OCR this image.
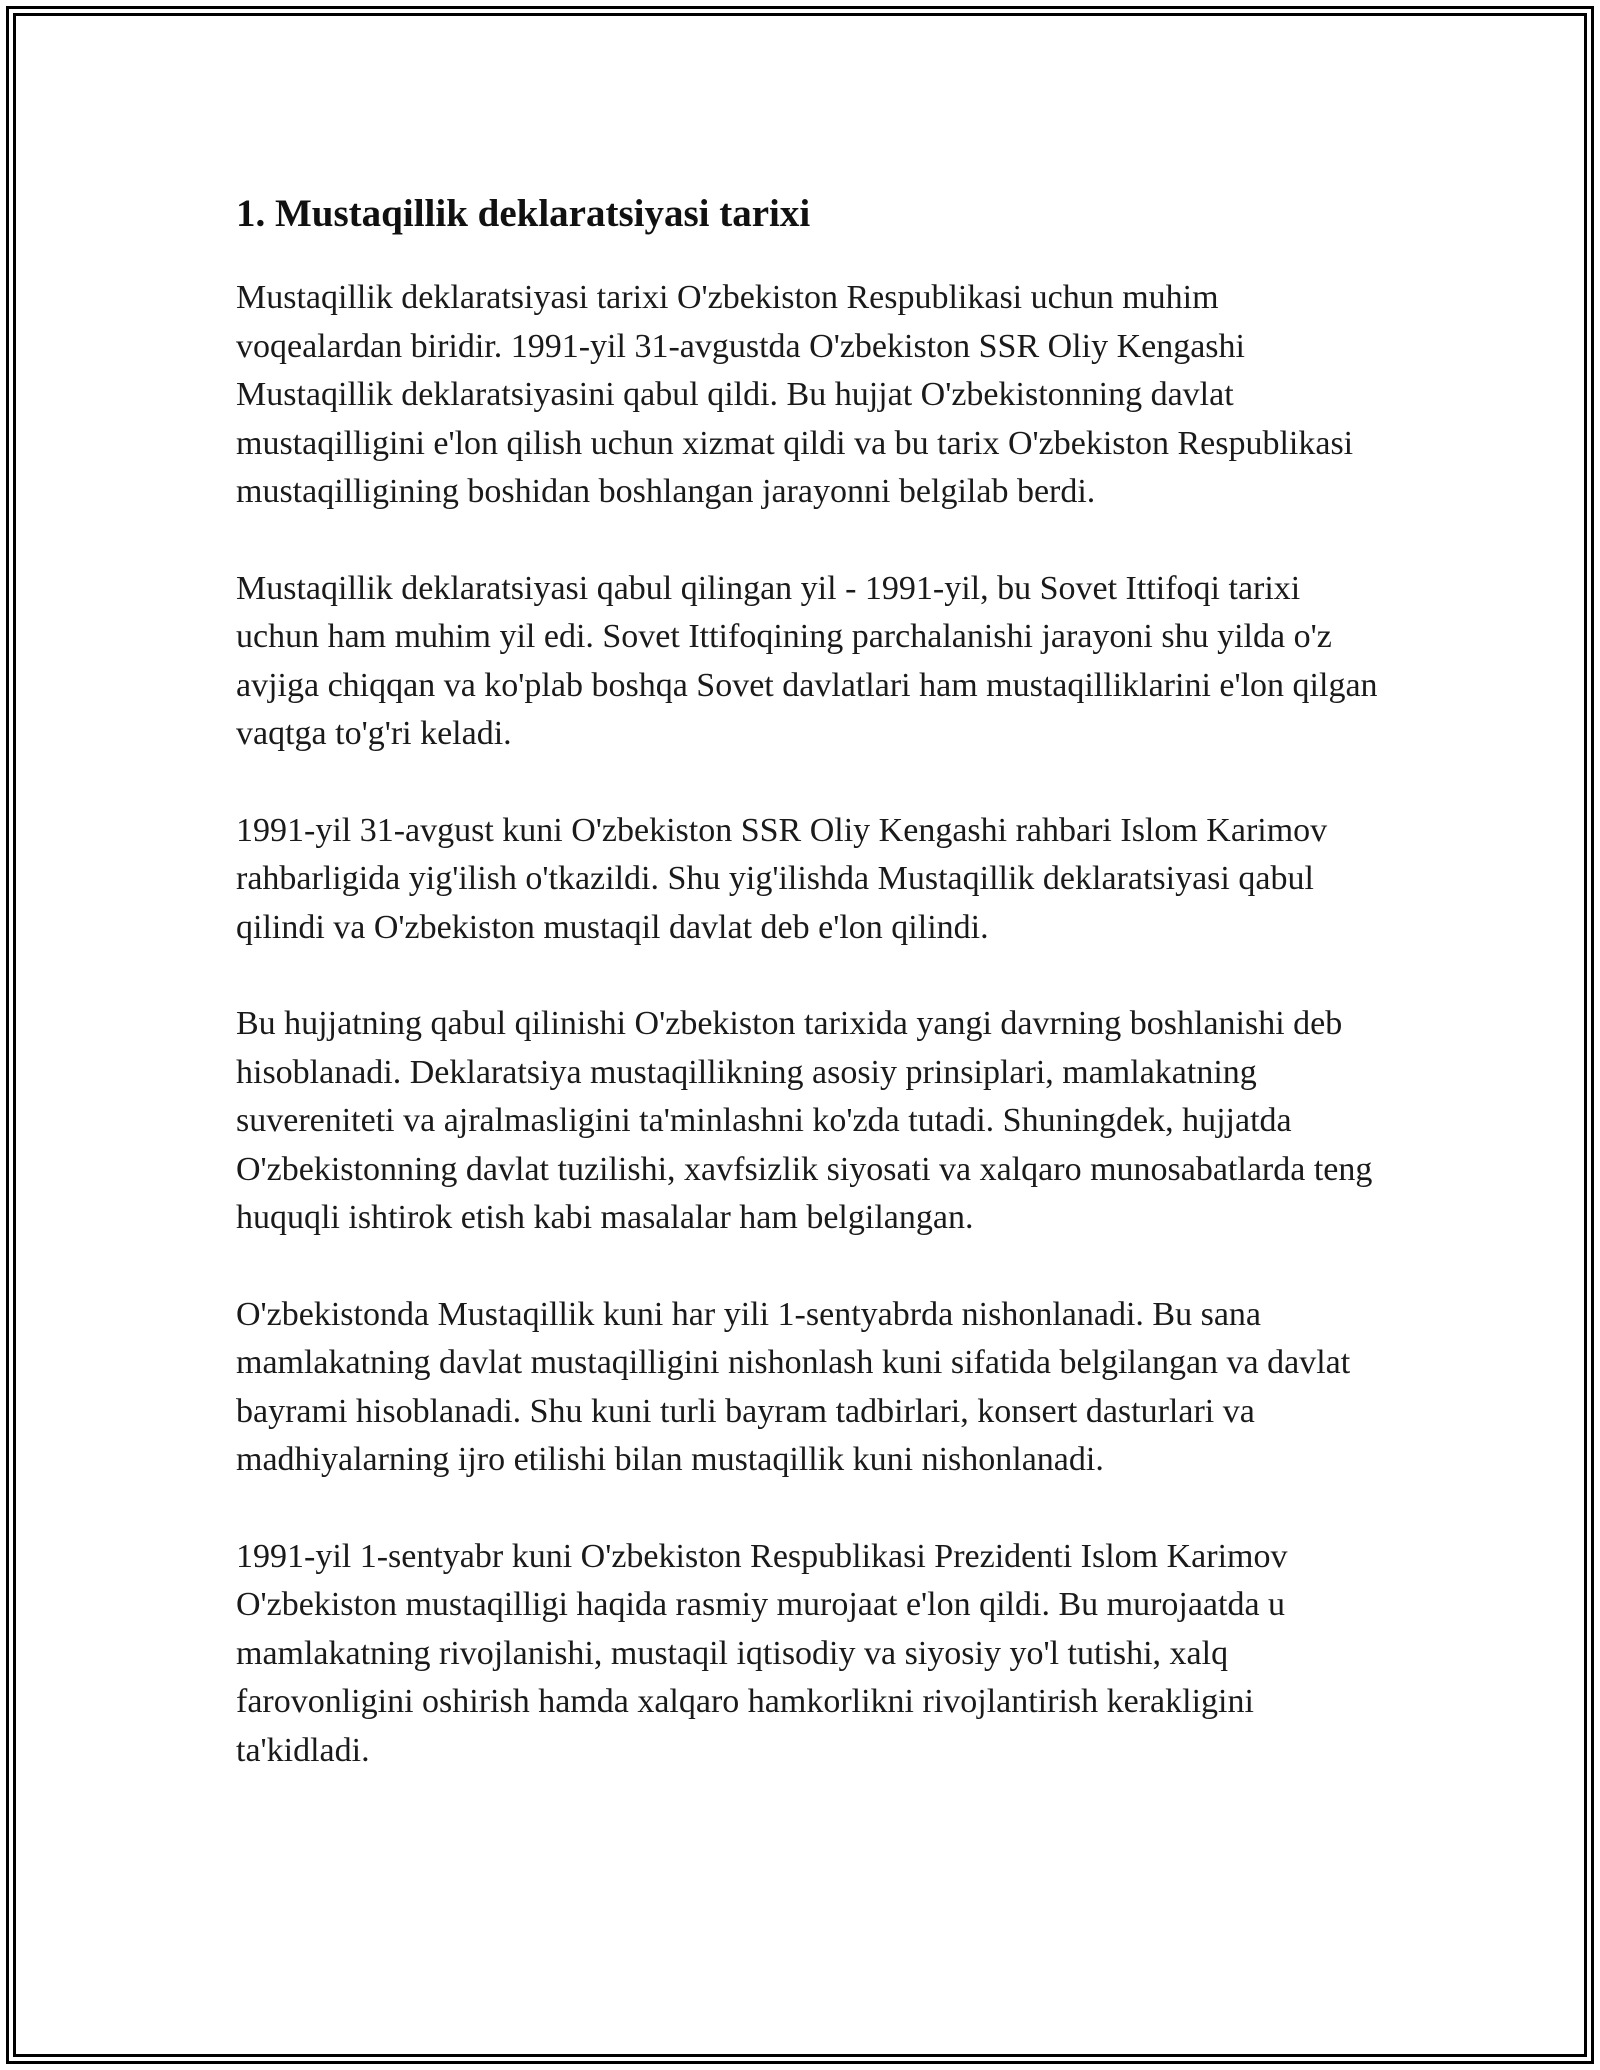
1. Mustaqillik deklaratsiyasi tarixi

Mustaqillik deklaratsiyasi tarixi O'zbekiston Respublikasi uchun muhim voqealardan biridir. 1991-yil 31-avgustda O'zbekiston SSR Oliy Kengashi Mustaqillik deklaratsiyasini qabul qildi. Bu hujjat O'zbekistonning davlat mustaqilligini e'lon qilish uchun xizmat qildi va bu tarix O'zbekiston Respublikasi mustaqilligining boshidan boshlangan jarayonni belgilab berdi.

Mustaqillik deklaratsiyasi qabul qilingan yil - 1991-yil, bu Sovet Ittifoqi tarixi uchun ham muhim yil edi. Sovet Ittifoqining parchalanishi jarayoni shu yilda o'z avjiga chiqqan va ko'plab boshqa Sovet davlatlari ham mustaqilliklarini e'lon qilgan vaqtga to'g'ri keladi.

1991-yil 31-avgust kuni O'zbekiston SSR Oliy Kengashi rahbari Islom Karimov rahbarligida yig'ilish o'tkazildi. Shu yig'ilishda Mustaqillik deklaratsiyasi qabul qilindi va O'zbekiston mustaqil davlat deb e'lon qilindi.

Bu hujjatning qabul qilinishi O'zbekiston tarixida yangi davrning boshlanishi deb hisoblanadi. Deklaratsiya mustaqillikning asosiy prinsiplari, mamlakatning suvereniteti va ajralmasligini ta'minlashni ko'zda tutadi. Shuningdek, hujjatda O'zbekistonning davlat tuzilishi, xavfsizlik siyosati va xalqaro munosabatlarda teng huquqli ishtirok etish kabi masalalar ham belgilangan.

O'zbekistonda Mustaqillik kuni har yili 1-sentyabrda nishonlanadi. Bu sana mamlakatning davlat mustaqilligini nishonlash kuni sifatida belgilangan va davlat bayrami hisoblanadi. Shu kuni turli bayram tadbirlari, konsert dasturlari va madhiyalarning ijro etilishi bilan mustaqillik kuni nishonlanadi.

1991-yil 1-sentyabr kuni O'zbekiston Respublikasi Prezidenti Islom Karimov O'zbekiston mustaqilligi haqida rasmiy murojaat e'lon qildi. Bu murojaatda u mamlakatning rivojlanishi, mustaqil iqtisodiy va siyosiy yo'l tutishi, xalq farovonligini oshirish hamda xalqaro hamkorlikni rivojlantirish kerakligini ta'kidladi.
